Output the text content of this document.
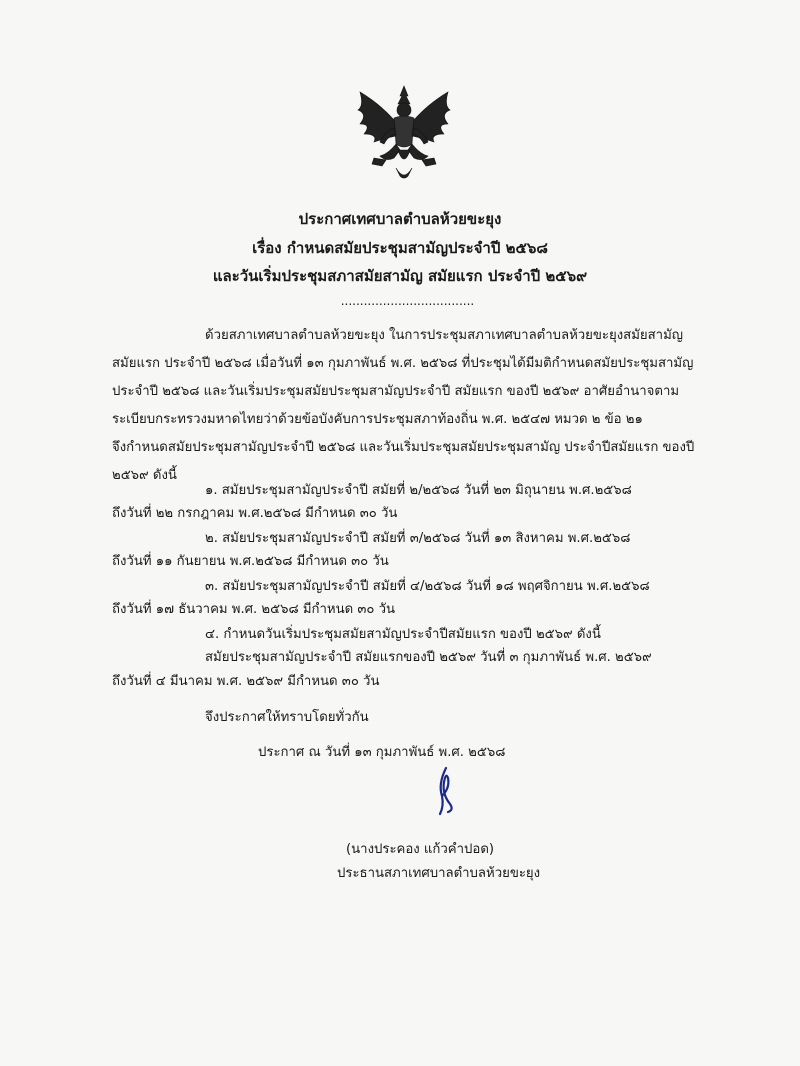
ประกาศเทศบาลตำบลห้วยขะยุง
เรื่อง กำหนดสมัยประชุมสามัญประจำปี ๒๕๖๘
และวันเริ่มประชุมสภาสมัยสามัญ สมัยแรก ประจำปี ๒๕๖๙
...................................
ด้วยสภาเทศบาลตำบลห้วยขะยุง ในการประชุมสภาเทศบาลตำบลห้วยขะยุงสมัยสามัญ
สมัยแรก ประจำปี ๒๕๖๘ เมื่อวันที่ ๑๓ กุมภาพันธ์ พ.ศ. ๒๕๖๘ ที่ประชุมได้มีมติกำหนดสมัยประชุมสามัญ
ประจำปี ๒๕๖๘ และวันเริ่มประชุมสมัยประชุมสามัญประจำปี สมัยแรก ของปี ๒๕๖๙ อาศัยอำนาจตาม
ระเบียบกระทรวงมหาดไทยว่าด้วยข้อบังคับการประชุมสภาท้องถิ่น พ.ศ. ๒๕๔๗ หมวด ๒ ข้อ ๒๑
จึงกำหนดสมัยประชุมสามัญประจำปี ๒๕๖๘ และวันเริ่มประชุมสมัยประชุมสามัญ ประจำปีสมัยแรก ของปี
๒๕๖๙ ดังนี้
๑. สมัยประชุมสามัญประจำปี สมัยที่ ๒/๒๕๖๘ วันที่ ๒๓ มิถุนายน พ.ศ.๒๕๖๘
ถึงวันที่ ๒๒ กรกฎาคม พ.ศ.๒๕๖๘ มีกำหนด ๓๐ วัน
๒. สมัยประชุมสามัญประจำปี สมัยที่ ๓/๒๕๖๘ วันที่ ๑๓ สิงหาคม พ.ศ.๒๕๖๘
ถึงวันที่ ๑๑ กันยายน พ.ศ.๒๕๖๘ มีกำหนด ๓๐ วัน
๓. สมัยประชุมสามัญประจำปี สมัยที่ ๔/๒๕๖๘ วันที่ ๑๘ พฤศจิกายน พ.ศ.๒๕๖๘
ถึงวันที่ ๑๗ ธันวาคม พ.ศ. ๒๕๖๘ มีกำหนด ๓๐ วัน
๔. กำหนดวันเริ่มประชุมสมัยสามัญประจำปีสมัยแรก ของปี ๒๕๖๙ ดังนี้
สมัยประชุมสามัญประจำปี สมัยแรกของปี ๒๕๖๙ วันที่ ๓ กุมภาพันธ์ พ.ศ. ๒๕๖๙
ถึงวันที่ ๔ มีนาคม พ.ศ. ๒๕๖๙ มีกำหนด ๓๐ วัน
จึงประกาศให้ทราบโดยทั่วกัน
ประกาศ ณ วันที่ ๑๓ กุมภาพันธ์ พ.ศ. ๒๕๖๘
(นางประคอง แก้วคำปอด)
ประธานสภาเทศบาลตำบลห้วยขะยุง
